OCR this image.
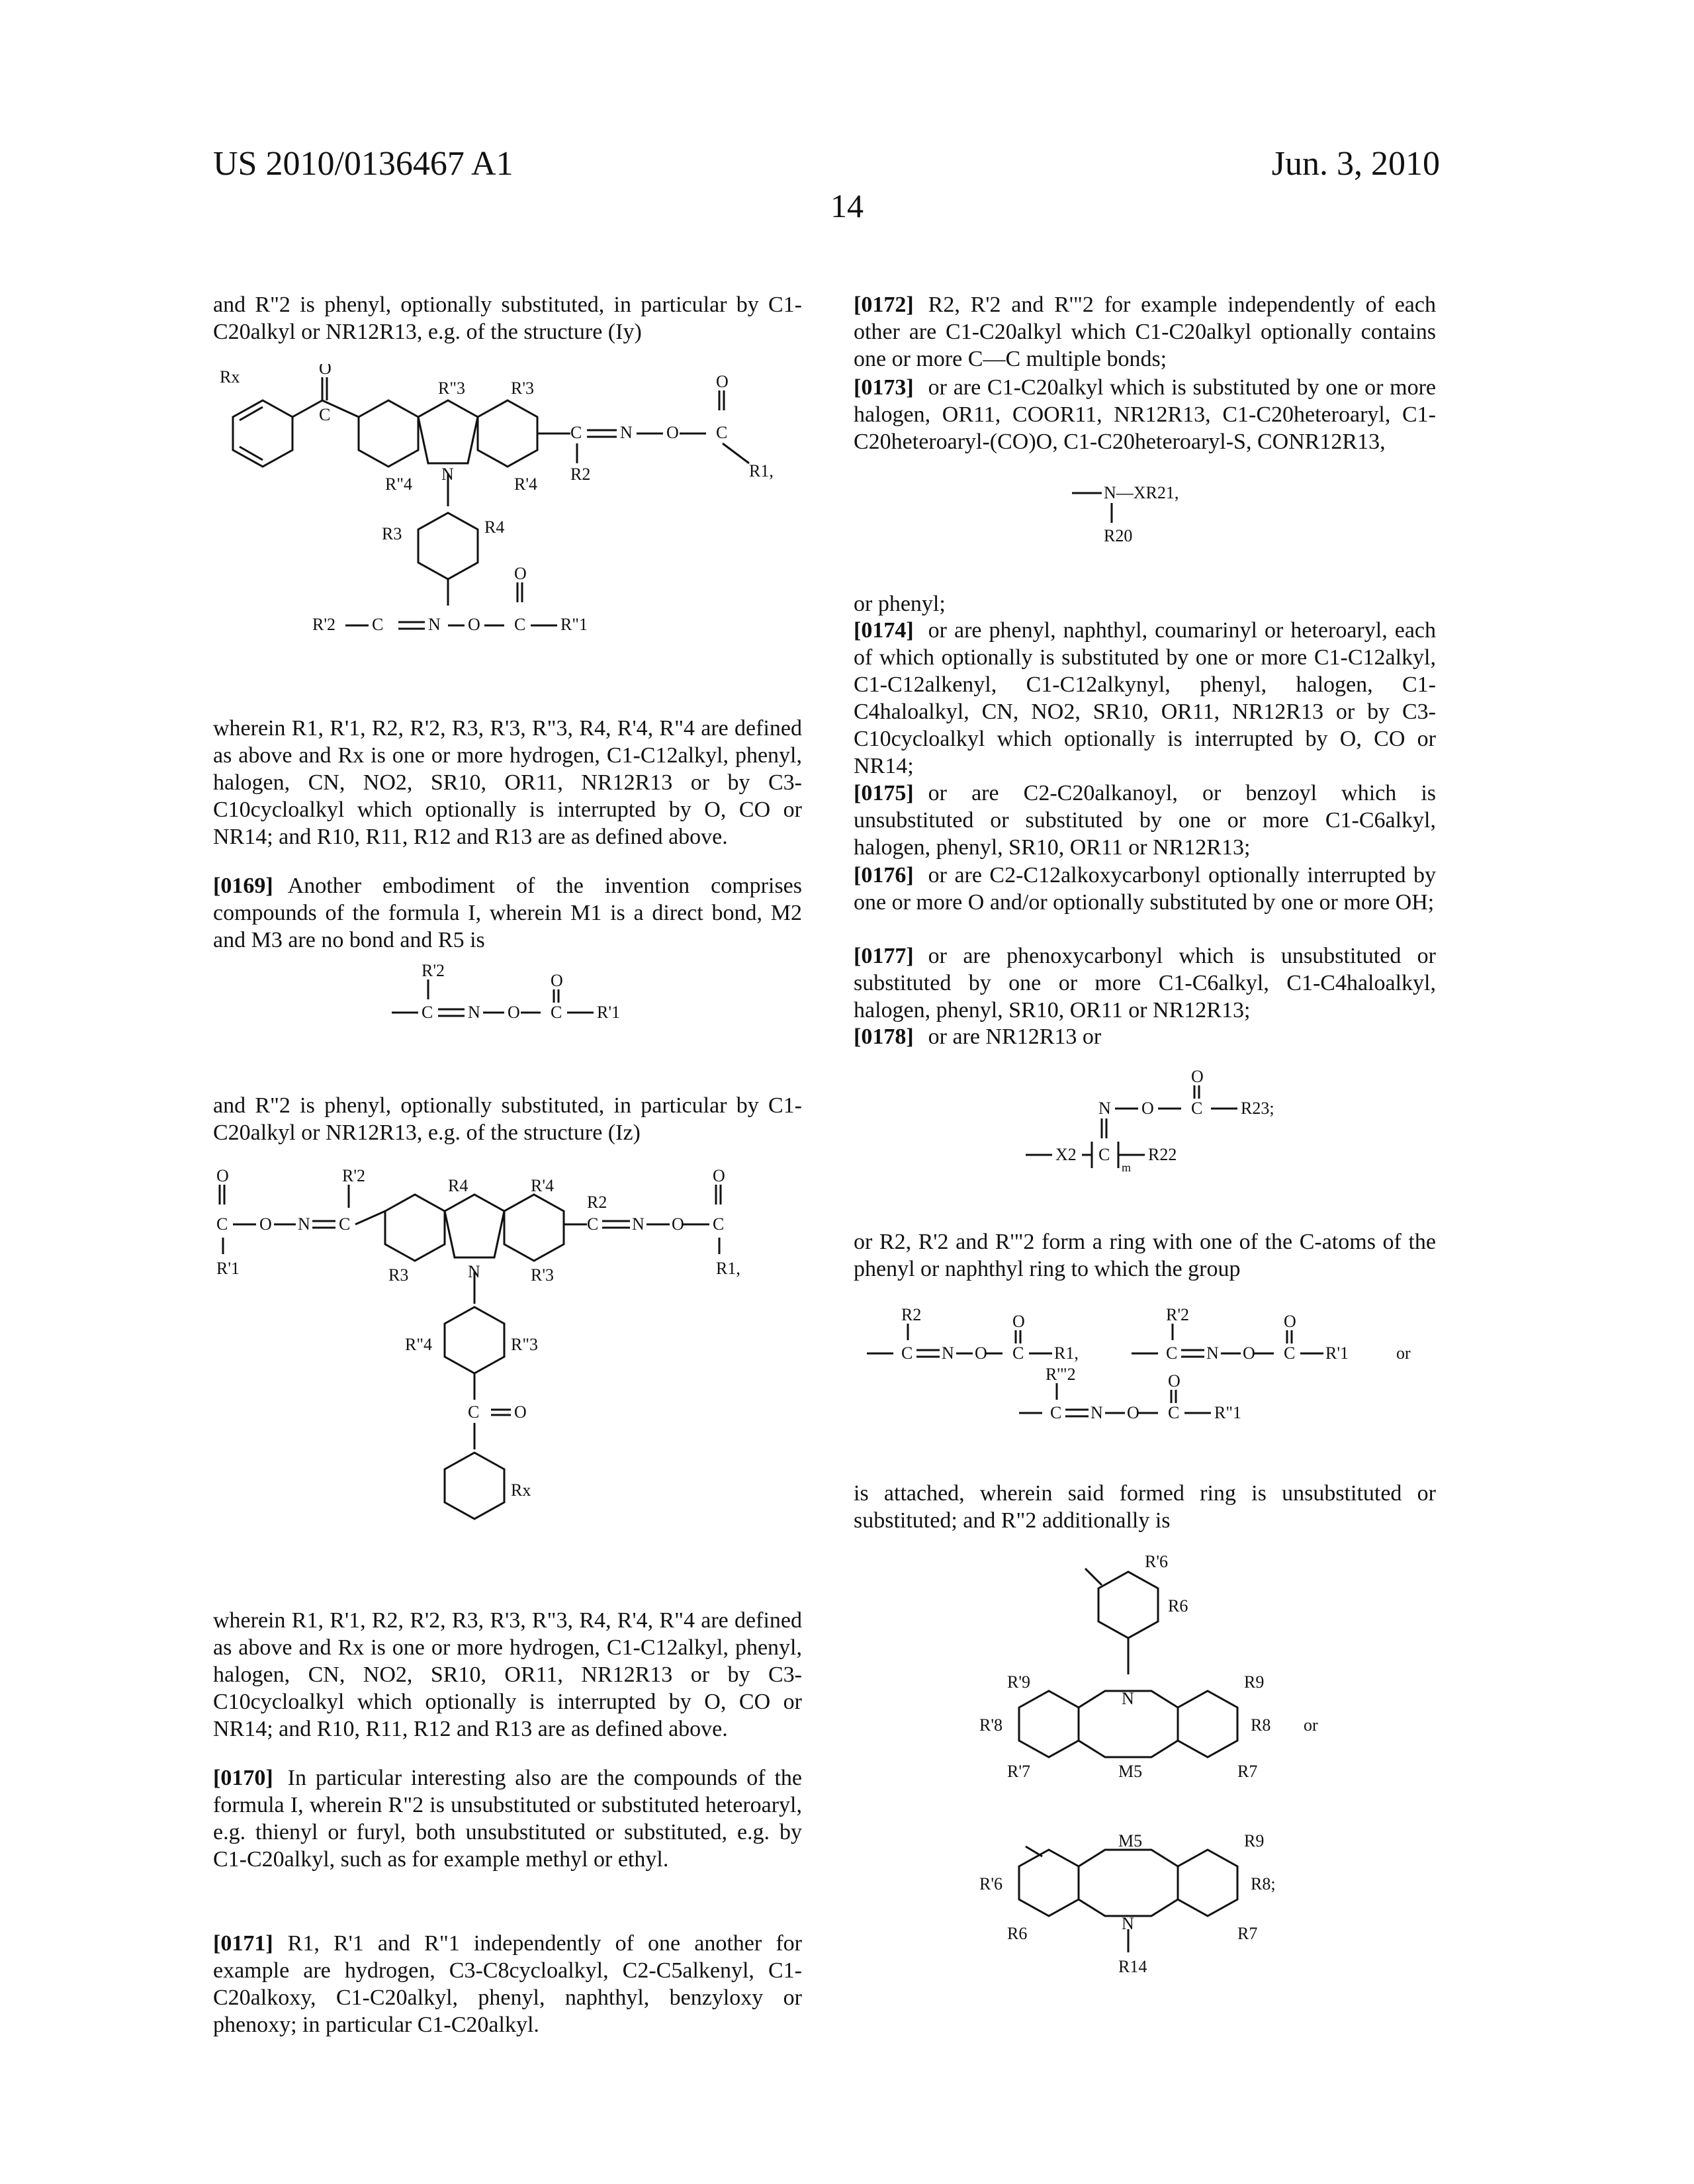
US 2010/0136467 A1	Jun. 3, 2010
14

and R"2 is phenyl, optionally substituted, in particular by C1-C20alkyl or NR12R13, e.g. of the structure (Iy)

Rx	O
C
R"3	R'3
N
R"4	R'4
C N O
O
C
R2	R1,
R3	R4
R'2 C	N O
O
C R"1

wherein R1, R'1, R2, R'2, R3, R'3, R"3, R4, R'4, R"4 are defined as above and Rx is one or more hydrogen, C1-C12alkyl, phenyl, halogen, CN, NO2, SR10, OR11, NR12R13 or by C3-C10cycloalkyl which optionally is interrupted by O, CO or NR14; and R10, R11, R12 and R13 are as defined above.

[0169] Another embodiment of the invention comprises compounds of the formula I, wherein M1 is a direct bond, M2 and M3 are no bond and R5 is

R'2
C N O
O
C R'1

and R"2 is phenyl, optionally substituted, in particular by C1-C20alkyl or NR12R13, e.g. of the structure (Iz)

O
C O N C
R'2
R'1
R4	R'4
R2
C N O
O
C
R1,
N
R3	R'3
R"4	R"3
C O
Rx

wherein R1, R'1, R2, R'2, R3, R'3, R"3, R4, R'4, R"4 are defined as above and Rx is one or more hydrogen, C1-C12alkyl, phenyl, halogen, CN, NO2, SR10, OR11, NR12R13 or by C3-C10cycloalkyl which optionally is interrupted by O, CO or NR14; and R10, R11, R12 and R13 are as defined above.

[0170] In particular interesting also are the compounds of the formula I, wherein R"2 is unsubstituted or substituted heteroaryl, e.g. thienyl or furyl, both unsubstituted or substituted, e.g. by C1-C20alkyl, such as for example methyl or ethyl.

[0171] R1, R'1 and R"1 independently of one another for example are hydrogen, C3-C8cycloalkyl, C2-C5alkenyl, C1-C20alkoxy, C1-C20alkyl, phenyl, naphthyl, benzyloxy or phenoxy; in particular C1-C20alkyl.

[0172] R2, R'2 and R'"2 for example independently of each other are C1-C20alkyl which C1-C20alkyl optionally contains one or more C—C multiple bonds;

[0173] or are C1-C20alkyl which is substituted by one or more halogen, OR11, COOR11, NR12R13, C1-C20heteroaryl, C1-C20heteroaryl-(CO)O, C1-C20heteroaryl-S, CONR12R13,

N—XR21,
R20

or phenyl;

[0174] or are phenyl, naphthyl, coumarinyl or heteroaryl, each of which optionally is substituted by one or more C1-C12alkyl, C1-C12alkenyl, C1-C12alkynyl, phenyl, halogen, C1-C4haloalkyl, CN, NO2, SR10, OR11, NR12R13 or by C3-C10cycloalkyl which optionally is interrupted by O, CO or NR14;

[0175] or are C2-C20alkanoyl, or benzoyl which is unsubstituted or substituted by one or more C1-C6alkyl, halogen, phenyl, SR10, OR11 or NR12R13;

[0176] or are C2-C12alkoxycarbonyl optionally interrupted by one or more O and/or optionally substituted by one or more OH;

[0177] or are phenoxycarbonyl which is unsubstituted or substituted by one or more C1-C6alkyl, C1-C4haloalkyl, halogen, phenyl, SR10, OR11 or NR12R13;

[0178] or are NR12R13 or

X2 C
m
R22
N O
O
C R23;

or R2, R'2 and R'"2 form a ring with one of the C-atoms of the phenyl or naphthyl ring to which the group

R2
C N O
O
C R1,
R'2
C N O
O
C R'1	or
R'"2
C N O
O
C R"1

is attached, wherein said formed ring is unsubstituted or substituted; and R"2 additionally is

R'6
R6
N
R'9	R9
R'8	R8 or
R'7	M5	R7
M5	R9
R'6	R8;
R6
N
R7
R14
